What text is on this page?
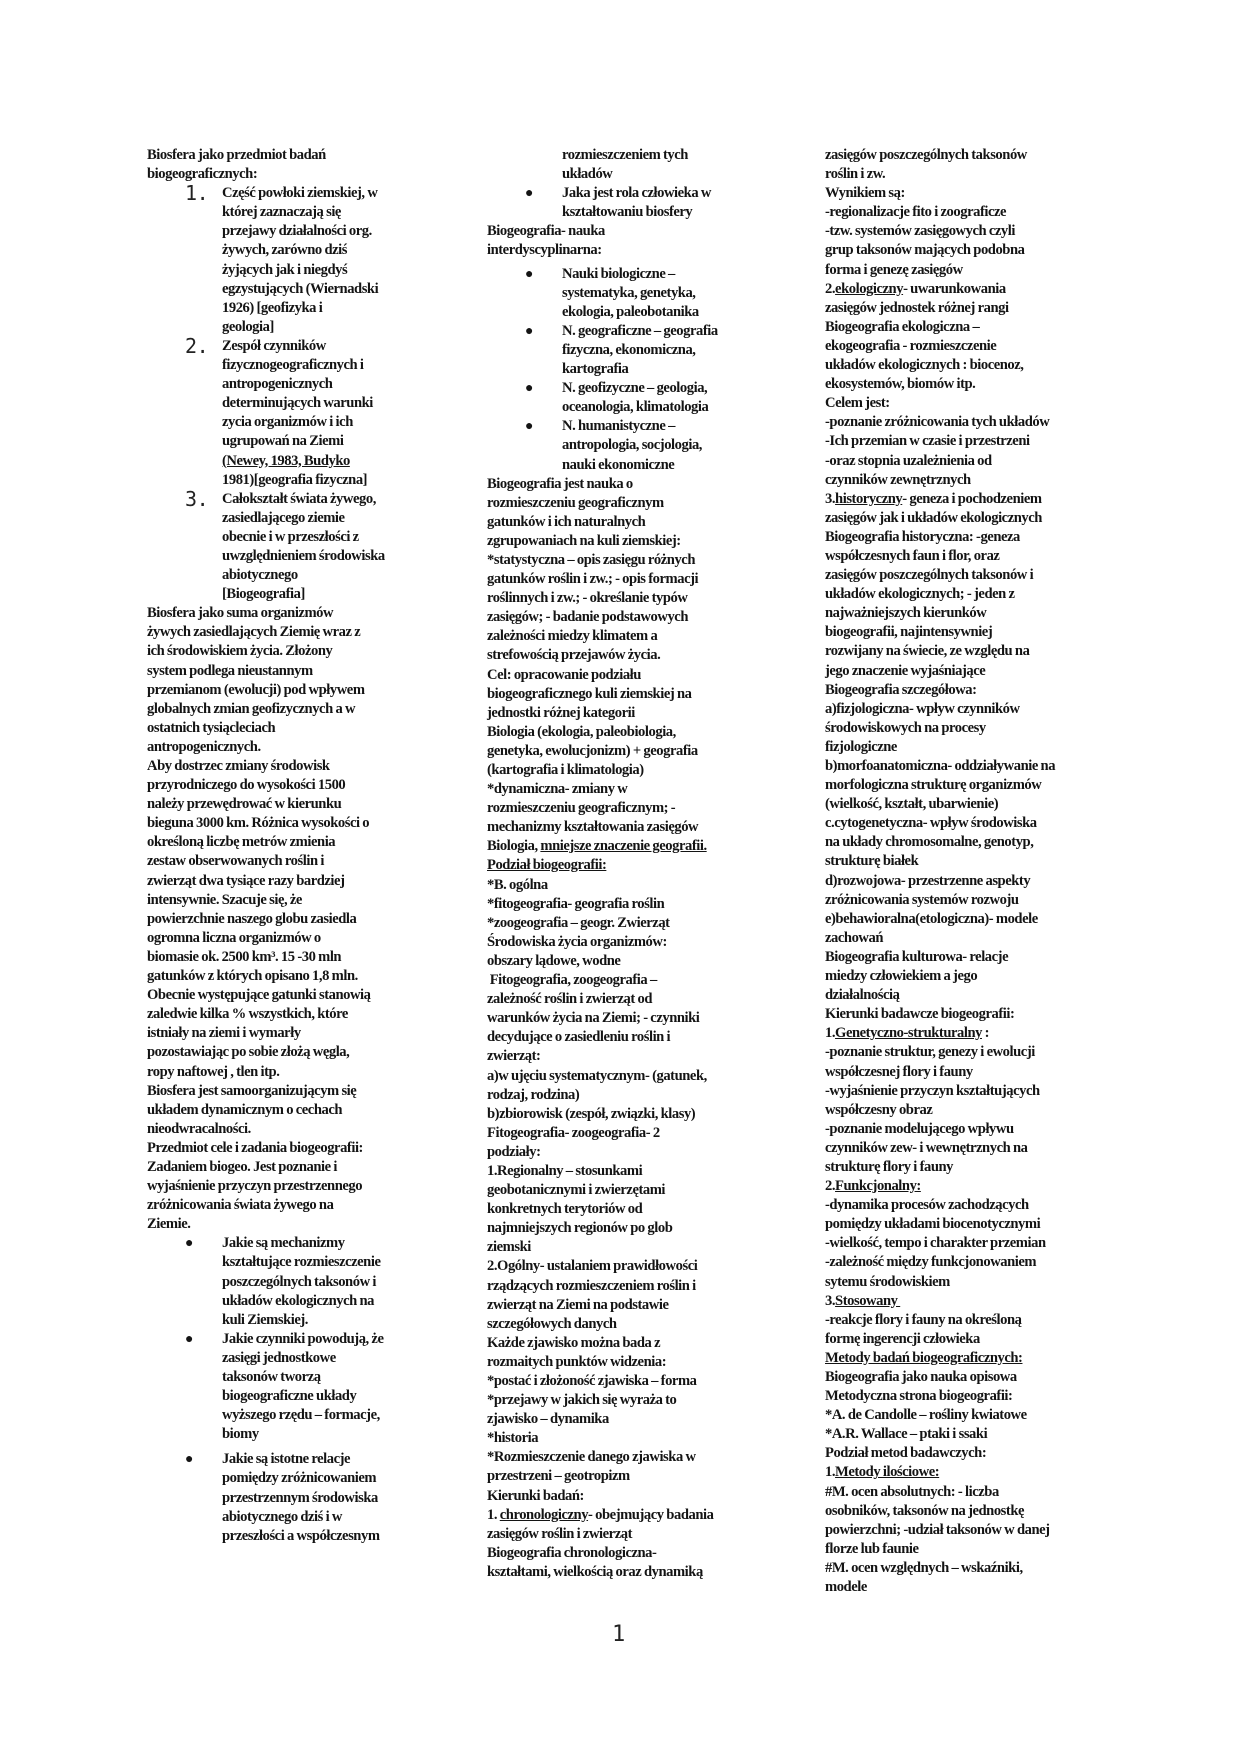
Biosfera jako przedmiot badań
biogeograficznych:
1. Część powłoki ziemskiej, w
której zaznaczają się
przejawy działalności org.
żywych, zarówno dziś
żyjących jak i niegdyś
egzystujących (Wiernadski
1926) [geofizyka i
geologia]
2. Zespół czynników
fizycznogeograficznych i
antropogenicznych
determinujących warunki
zycia organizmów i ich
ugrupowań na Ziemi
(Newey, 1983, Budyko
1981)[geografia fizyczna]
3. Całokształt świata żywego,
zasiedlającego ziemie
obecnie i w przeszłości z
uwzględnieniem środowiska
abiotycznego
[Biogeografia]
Biosfera jako suma organizmów
żywych zasiedlających Ziemię wraz z
ich środowiskiem życia. Złożony
system podlega nieustannym
przemianom (ewolucji) pod wpływem
globalnych zmian geofizycznych a w
ostatnich tysiącleciach
antropogenicznych.
Aby dostrzec zmiany środowisk
przyrodniczego do wysokości 1500
należy przewędrować w kierunku
bieguna 3000 km. Różnica wysokości o
określoną liczbę metrów zmienia
zestaw obserwowanych roślin i
zwierząt dwa tysiące razy bardziej
intensywnie. Szacuje się, że
powierzchnie naszego globu zasiedla
ogromna liczna organizmów o
biomasie ok. 2500 km³. 15 -30 mln
gatunków z których opisano 1,8 mln.
Obecnie występujące gatunki stanowią
zaledwie kilka % wszystkich, które
istniały na ziemi i wymarły
pozostawiając po sobie złożą węgla,
ropy naftowej , tlen itp.
Biosfera jest samoorganizującym się
układem dynamicznym o cechach
nieodwracalności.
Przedmiot cele i zadania biogeografii:
Zadaniem biogeo. Jest poznanie i
wyjaśnienie przyczyn przestrzennego
zróżnicowania świata żywego na
Ziemie.
●	Jakie są mechanizmy
kształtujące rozmieszczenie
poszczególnych taksonów i
układów ekologicznych na
kuli Ziemskiej.
●	Jakie czynniki powodują, że
zasięgi jednostkowe
taksonów tworzą
biogeograficzne układy
wyższego rzędu – formacje,
biomy
●	Jakie są istotne relacje
pomiędzy zróżnicowaniem
przestrzennym środowiska
abiotycznego dziś i w
przeszłości a współczesnym
rozmieszczeniem tych
układów
●	Jaka jest rola człowieka w
kształtowaniu biosfery
Biogeografia- nauka
interdyscyplinarna:
●	Nauki biologiczne –
systematyka, genetyka,
ekologia, paleobotanika
●	N. geograficzne – geografia
fizyczna, ekonomiczna,
kartografia
●	N. geofizyczne – geologia,
oceanologia, klimatologia
●	N. humanistyczne –
antropologia, socjologia,
nauki ekonomiczne
Biogeografia jest nauka o
rozmieszczeniu geograficznym
gatunków i ich naturalnych
zgrupowaniach na kuli ziemskiej:
*statystyczna – opis zasięgu różnych
gatunków roślin i zw.; - opis formacji
roślinnych i zw.; - określanie typów
zasięgów; - badanie podstawowych
zależności miedzy klimatem a
strefowością przejawów życia.
Cel: opracowanie podziału
biogeograficznego kuli ziemskiej na
jednostki różnej kategorii
Biologia (ekologia, paleobiologia,
genetyka, ewolucjonizm) + geografia
(kartografia i klimatologia)
*dynamiczna- zmiany w
rozmieszczeniu geograficznym; -
mechanizmy kształtowania zasięgów
Biologia, mniejsze znaczenie geografii.
Podział biogeografii:
*B. ogólna
*fitogeografia- geografia roślin
*zoogeografia – geogr. Zwierząt
Środowiska życia organizmów:
obszary lądowe, wodne
Fitogeografia, zoogeografia –
zależność roślin i zwierząt od
warunków życia na Ziemi; - czynniki
decydujące o zasiedleniu roślin i
zwierząt:
a)w ujęciu systematycznym- (gatunek,
rodzaj, rodzina)
b)zbiorowisk (zespół, związki, klasy)
Fitogeografia- zoogeografia- 2
podziały:
1.Regionalny – stosunkami
geobotanicznymi i zwierzętami
konkretnych terytoriów od
najmniejszych regionów po glob
ziemski
2.Ogólny- ustalaniem prawidłowości
rządzących rozmieszczeniem roślin i
zwierząt na Ziemi na podstawie
szczegółowych danych
Każde zjawisko można bada z
rozmaitych punktów widzenia:
*postać i złożoność zjawiska – forma
*przejawy w jakich się wyraża to
zjawisko – dynamika
*historia
*Rozmieszczenie danego zjawiska w
przestrzeni – geotropizm
Kierunki badań:
1. chronologiczny- obejmujący badania
zasięgów roślin i zwierząt
Biogeografia chronologiczna-
kształtami, wielkością oraz dynamiką
zasięgów poszczególnych taksonów
roślin i zw.
Wynikiem są:
-regionalizacje fito i zoograficze
-tzw. systemów zasięgowych czyli
grup taksonów mających podobna
forma i genezę zasięgów
2.ekologiczny- uwarunkowania
zasięgów jednostek różnej rangi
Biogeografia ekologiczna –
ekogeografia - rozmieszczenie
układów ekologicznych : biocenoz,
ekosystemów, biomów itp.
Celem jest:
-poznanie zróżnicowania tych układów
-Ich przemian w czasie i przestrzeni
-oraz stopnia uzależnienia od
czynników zewnętrznych
3.historyczny- geneza i pochodzeniem
zasięgów jak i układów ekologicznych
Biogeografia historyczna: -geneza
współczesnych faun i flor, oraz
zasięgów poszczególnych taksonów i
układów ekologicznych; - jeden z
najważniejszych kierunków
biogeografii, najintensywniej
rozwijany na świecie, ze względu na
jego znaczenie wyjaśniające
Biogeografia szczegółowa:
a)fizjologiczna- wpływ czynników
środowiskowych na procesy
fizjologiczne
b)morfoanatomiczna- oddziaływanie na
morfologiczna strukturę organizmów
(wielkość, kształt, ubarwienie)
c.cytogenetyczna- wpływ środowiska
na układy chromosomalne, genotyp,
strukturę białek
d)rozwojowa- przestrzenne aspekty
zróżnicowania systemów rozwoju
e)behawioralna(etologiczna)- modele
zachowań
Biogeografia kulturowa- relacje
miedzy człowiekiem a jego
działalnością
Kierunki badawcze biogeografii:
1.Genetyczno-strukturalny :
-poznanie struktur, genezy i ewolucji
współczesnej flory i fauny
-wyjaśnienie przyczyn kształtujących
współczesny obraz
-poznanie modelującego wpływu
czynników zew- i wewnętrznych na
strukturę flory i fauny
2.Funkcjonalny:
-dynamika procesów zachodzących
pomiędzy układami biocenotycznymi
-wielkość, tempo i charakter przemian
-zależność między funkcjonowaniem
sytemu środowiskiem
3.Stosowany
-reakcje flory i fauny na określoną
formę ingerencji człowieka
Metody badań biogeograficznych:
Biogeografia jako nauka opisowa
Metodyczna strona biogeografii:
*A. de Candolle – rośliny kwiatowe
*A.R. Wallace – ptaki i ssaki
Podział metod badawczych:
1.Metody ilościowe:
#M. ocen absolutnych: - liczba
osobników, taksonów na jednostkę
powierzchni; -udział taksonów w danej
florze lub faunie
#M. ocen względnych – wskaźniki,
modele
1
